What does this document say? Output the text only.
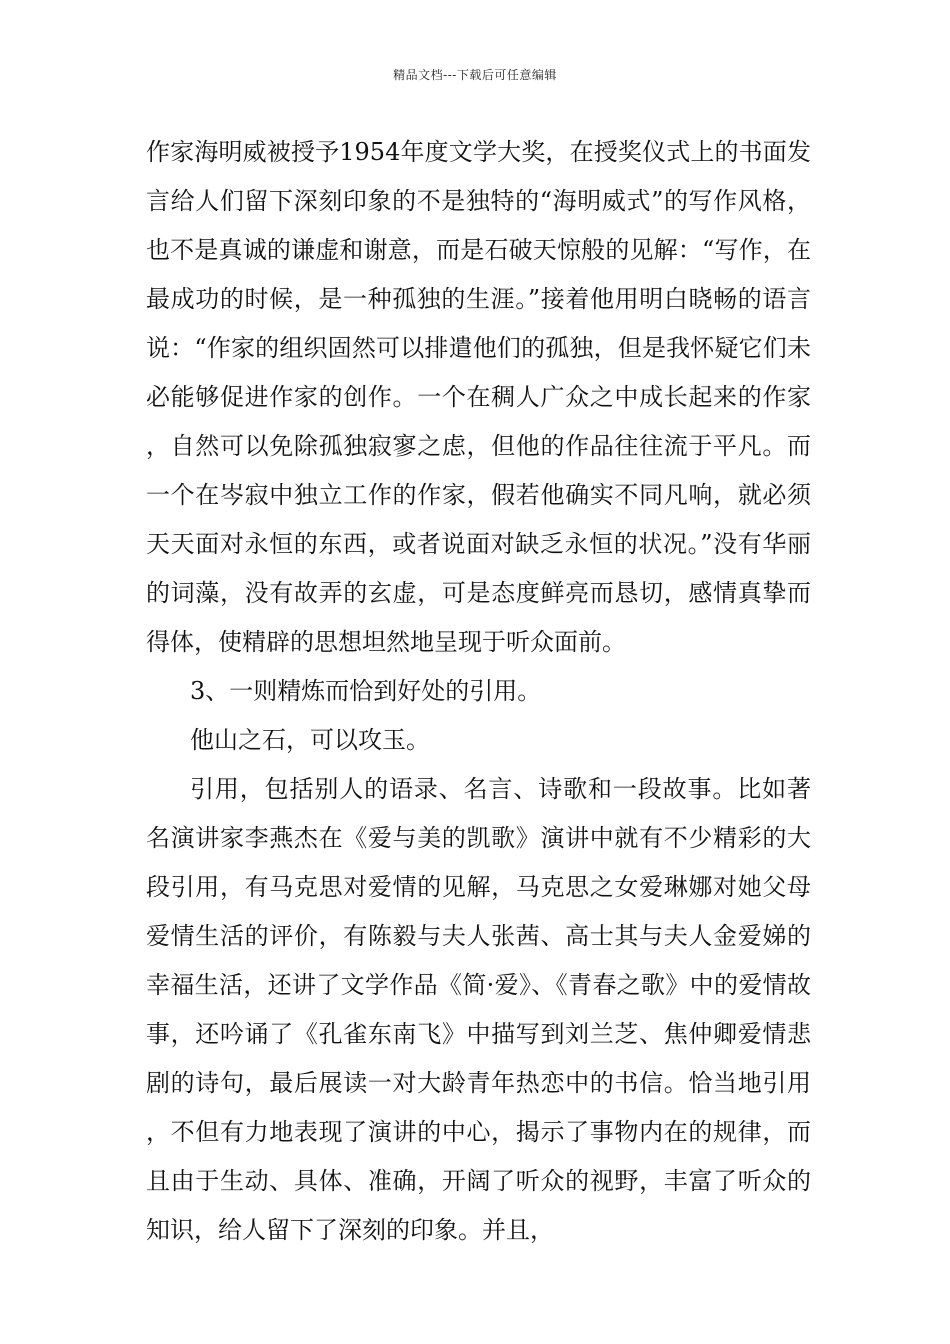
精品文档---下载后可任意编辑

作家海明威被授予1954年度文学大奖，在授奖仪式上的书面发言给人们留下深刻印象的不是独特的“海明威式”的写作风格，也不是真诚的谦虚和谢意，而是石破天惊般的见解：“写作，在最成功的时候，是一种孤独的生涯。”接着他用明白晓畅的语言说：“作家的组织固然可以排遣他们的孤独，但是我怀疑它们未必能够促进作家的创作。一个在稠人广众之中成长起来的作家，自然可以免除孤独寂寥之虑，但他的作品往往流于平凡。而一个在岑寂中独立工作的作家，假若他确实不同凡响，就必须天天面对永恒的东西，或者说面对缺乏永恒的状况。”没有华丽的词藻，没有故弄的玄虚，可是态度鲜亮而恳切，感情真挚而得体，使精辟的思想坦然地呈现于听众面前。

3、一则精炼而恰到好处的引用。

他山之石，可以攻玉。

引用，包括别人的语录、名言、诗歌和一段故事。比如著名演讲家李燕杰在《爱与美的凯歌》演讲中就有不少精彩的大段引用，有马克思对爱情的见解，马克思之女爱琳娜对她父母爱情生活的评价，有陈毅与夫人张茜、高士其与夫人金爱娣的幸福生活，还讲了文学作品《简·爱》、《青春之歌》中的爱情故事，还吟诵了《孔雀东南飞》中描写到刘兰芝、焦仲卿爱情悲剧的诗句，最后展读一对大龄青年热恋中的书信。恰当地引用，不但有力地表现了演讲的中心，揭示了事物内在的规律，而且由于生动、具体、准确，开阔了听众的视野，丰富了听众的知识，给人留下了深刻的印象。并且，
